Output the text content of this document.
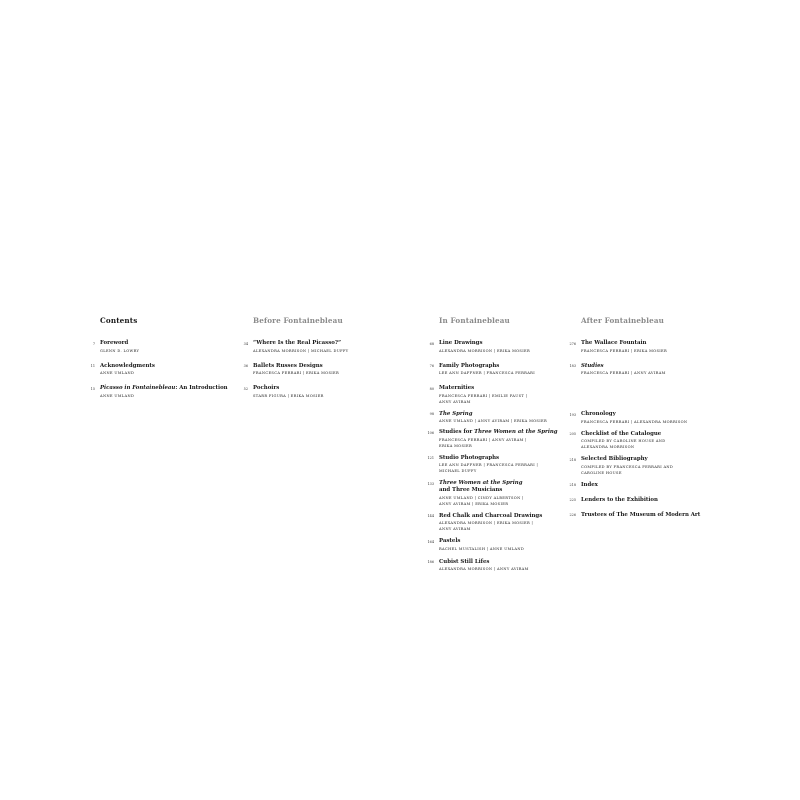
Contents
7 Foreword
GLENN D. LOWRY
11 Acknowledgments
ANNE UMLAND
15 Picasso in Fontainebleau: An Introduction
ANNE UMLAND
Before Fontainebleau
34 “Where Is the Real Picasso?”
ALEXANDRA MORRISON | MICHAEL DUFFY
36 Ballets Russes Designs
FRANCESCA FERRARI | ERIKA MOSIER
52 Pochoirs
STARR FIGURA | ERIKA MOSIER
In Fontainebleau
68 Line Drawings
ALEXANDRA MORRISON | ERIKA MOSIER
76 Family Photographs
LEE ANN DAFFNER | FRANCESCA FERRARI
80 Maternities
FRANCESCA FERRARI | EMILIE FAUST |
ANNY AVIRAM
98 The Spring
ANNE UMLAND | ANNY AVIRAM | ERIKA MOSIER
106 Studies for Three Women at the Spring
FRANCESCA FERRARI | ANNY AVIRAM |
ERIKA MOSIER
121 Studio Photographs
LEE ANN DAFFNER | FRANCESCA FERRARI |
MICHAEL DUFFY
133 Three Women at the Spring
and Three Musicians
ANNE UMLAND | CINDY ALBERTSON |
ANNY AVIRAM | ERIKA MOSIER
144 Red Chalk and Charcoal Drawings
ALEXANDRA MORRISON | ERIKA MOSIER |
ANNY AVIRAM
164 Pastels
RACHEL MUSTALISH | ANNE UMLAND
186 Cubist Still Lifes
ALEXANDRA MORRISON | ANNY AVIRAM
After Fontainebleau
276 The Wallace Fountain
FRANCESCA FERRARI | ERIKA MOSIER
183 Studies
FRANCESCA FERRARI | ANNY AVIRAM
193 Chronology
FRANCESCA FERRARI | ALEXANDRA MORRISON
205 Checklist of the Catalogue
COMPILED BY CAROLINE HOUSE AND
ALEXANDRA MORRISON
218 Selected Bibliography
COMPILED BY FRANCESCA FERRARI AND
CAROLINE HOUSE
218 Index
225 Lenders to the Exhibition
226 Trustees of The Museum of Modern Art
